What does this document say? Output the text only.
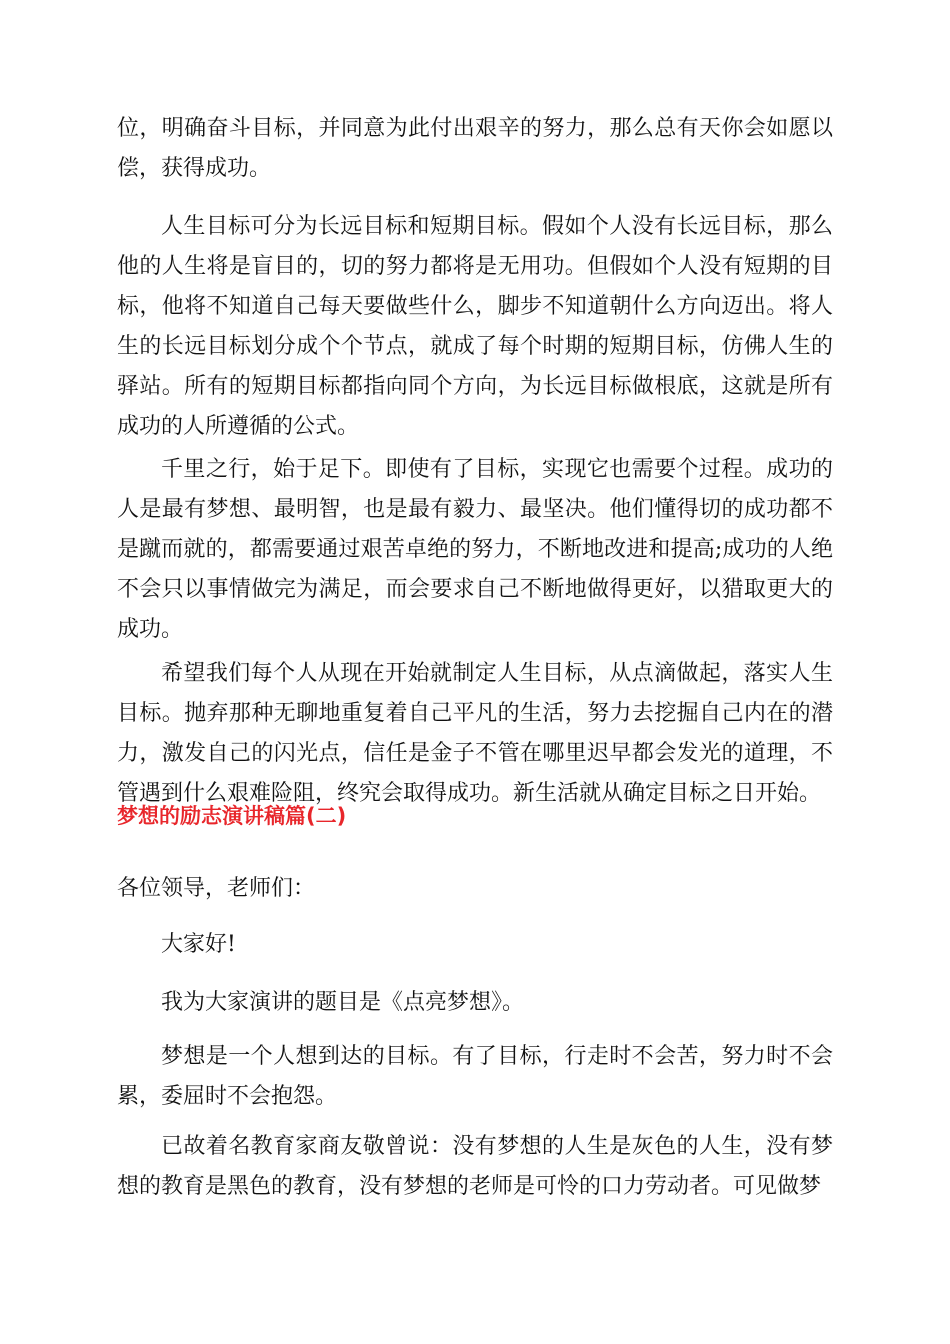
位，明确奋斗目标，并同意为此付出艰辛的努力，那么总有天你会如愿以偿，获得成功。
人生目标可分为长远目标和短期目标。假如个人没有长远目标，那么他的人生将是盲目的，切的努力都将是无用功。但假如个人没有短期的目标，他将不知道自己每天要做些什么，脚步不知道朝什么方向迈出。将人生的长远目标划分成个个节点，就成了每个时期的短期目标，仿佛人生的驿站。所有的短期目标都指向同个方向，为长远目标做根底，这就是所有成功的人所遵循的公式。
千里之行，始于足下。即使有了目标，实现它也需要个过程。成功的人是最有梦想、最明智，也是最有毅力、最坚决。他们懂得切的成功都不是蹴而就的，都需要通过艰苦卓绝的努力，不断地改进和提高;成功的人绝不会只以事情做完为满足，而会要求自己不断地做得更好，以猎取更大的成功。
希望我们每个人从现在开始就制定人生目标，从点滴做起，落实人生目标。抛弃那种无聊地重复着自己平凡的生活，努力去挖掘自己内在的潜力，激发自己的闪光点，信任是金子不管在哪里迟早都会发光的道理，不管遇到什么艰难险阻，终究会取得成功。新生活就从确定目标之日开始。
梦想的励志演讲稿篇(二)
各位领导，老师们：
大家好!
我为大家演讲的题目是《点亮梦想》。
梦想是一个人想到达的目标。有了目标，行走时不会苦，努力时不会累，委屈时不会抱怨。
已故着名教育家商友敬曾说：没有梦想的人生是灰色的人生，没有梦想的教育是黑色的教育，没有梦想的老师是可怜的口力劳动者。可见做梦
